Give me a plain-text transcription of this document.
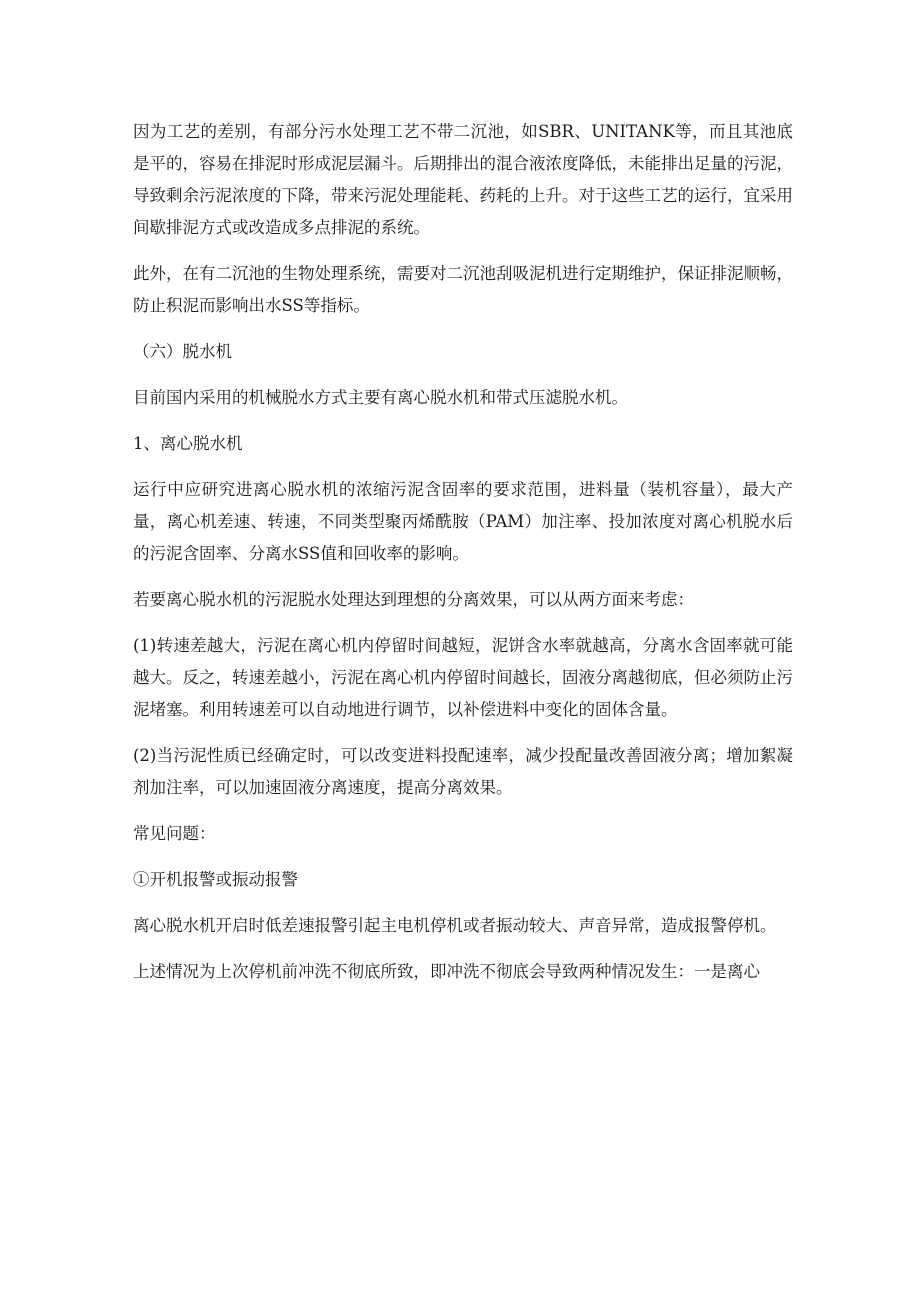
因为工艺的差别，有部分污水处理工艺不带二沉池，如SBR、UNITANK等，而且其池底是平的，容易在排泥时形成泥层漏斗。后期排出的混合液浓度降低，未能排出足量的污泥，导致剩余污泥浓度的下降，带来污泥处理能耗、药耗的上升。对于这些工艺的运行，宜采用间歇排泥方式或改造成多点排泥的系统。

此外，在有二沉池的生物处理系统，需要对二沉池刮吸泥机进行定期维护，保证排泥顺畅，防止积泥而影响出水SS等指标。

（六）脱水机

目前国内采用的机械脱水方式主要有离心脱水机和带式压滤脱水机。

1、离心脱水机

运行中应研究进离心脱水机的浓缩污泥含固率的要求范围，进料量（装机容量），最大产量，离心机差速、转速，不同类型聚丙烯酰胺（PAM）加注率、投加浓度对离心机脱水后的污泥含固率、分离水SS值和回收率的影响。

若要离心脱水机的污泥脱水处理达到理想的分离效果，可以从两方面来考虑：

(1)转速差越大，污泥在离心机内停留时间越短，泥饼含水率就越高，分离水含固率就可能越大。反之，转速差越小，污泥在离心机内停留时间越长，固液分离越彻底，但必须防止污泥堵塞。利用转速差可以自动地进行调节，以补偿进料中变化的固体含量。

(2)当污泥性质已经确定时，可以改变进料投配速率，减少投配量改善固液分离；增加絮凝剂加注率，可以加速固液分离速度，提高分离效果。

常见问题：

①开机报警或振动报警

离心脱水机开启时低差速报警引起主电机停机或者振动较大、声音异常，造成报警停机。

上述情况为上次停机前冲洗不彻底所致，即冲洗不彻底会导致两种情况发生：一是离心
